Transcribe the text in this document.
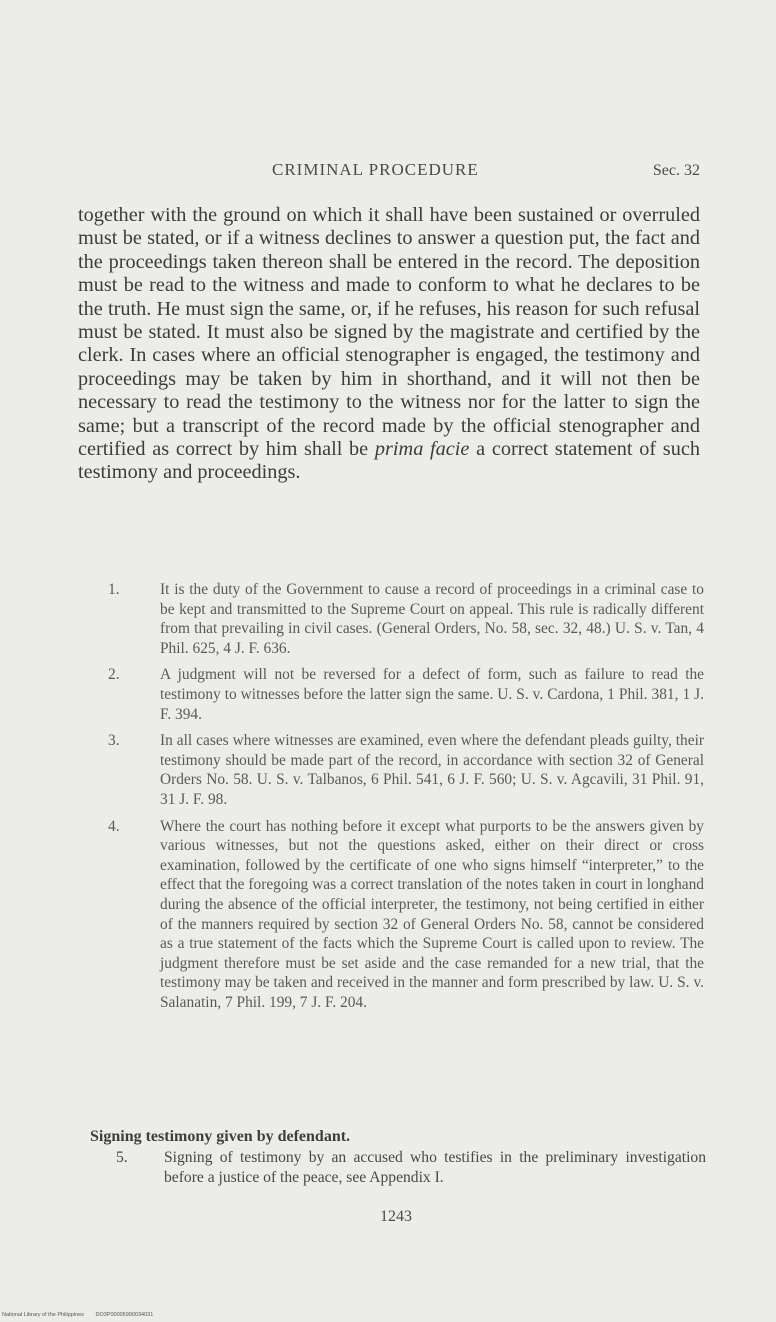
CRIMINAL PROCEDURE	Sec. 32

together with the ground on which it shall have been sustained or overruled must be stated, or if a witness declines to answer a question put, the fact and the proceedings taken thereon shall be entered in the record. The deposition must be read to the witness and made to conform to what he declares to be the truth. He must sign the same, or, if he refuses, his reason for such refusal must be stated. It must also be signed by the magistrate and certified by the clerk. In cases where an official stenographer is engaged, the testimony and proceedings may be taken by him in shorthand, and it will not then be necessary to read the testimony to the witness nor for the latter to sign the same; but a transcript of the record made by the official stenographer and certified as correct by him shall be prima facie a correct statement of such testimony and proceedings.

1.	It is the duty of the Government to cause a record of proceedings in a criminal case to be kept and transmitted to the Supreme Court on appeal. This rule is radically different from that prevailing in civil cases. (General Orders, No. 58, sec. 32, 48.) U. S. v. Tan, 4 Phil. 625, 4 J. F. 636.
2.	A judgment will not be reversed for a defect of form, such as failure to read the testimony to witnesses before the latter sign the same. U. S. v. Cardona, 1 Phil. 381, 1 J. F. 394.
3.	In all cases where witnesses are examined, even where the defendant pleads guilty, their testimony should be made part of the record, in accordance with section 32 of General Orders No. 58. U. S. v. Talbanos, 6 Phil. 541, 6 J. F. 560; U. S. v. Agcavili, 31 Phil. 91, 31 J. F. 98.
4.	Where the court has nothing before it except what purports to be the answers given by various witnesses, but not the questions asked, either on their direct or cross examination, followed by the certificate of one who signs himself “interpreter,” to the effect that the foregoing was a correct translation of the notes taken in court in longhand during the absence of the official interpreter, the testimony, not being certified in either of the manners required by section 32 of General Orders No. 58, cannot be considered as a true statement of the facts which the Supreme Court is called upon to review. The judgment therefore must be set aside and the case remanded for a new trial, that the testimony may be taken and received in the manner and form prescribed by law. U. S. v. Salanatin, 7 Phil. 199, 7 J. F. 204.
Signing testimony given by defendant.
5.	Signing of testimony by an accused who testifies in the preliminary investigation before a justice of the peace, see Appendix I.
1243
National Library of the Philippines DO3P00005990034031
